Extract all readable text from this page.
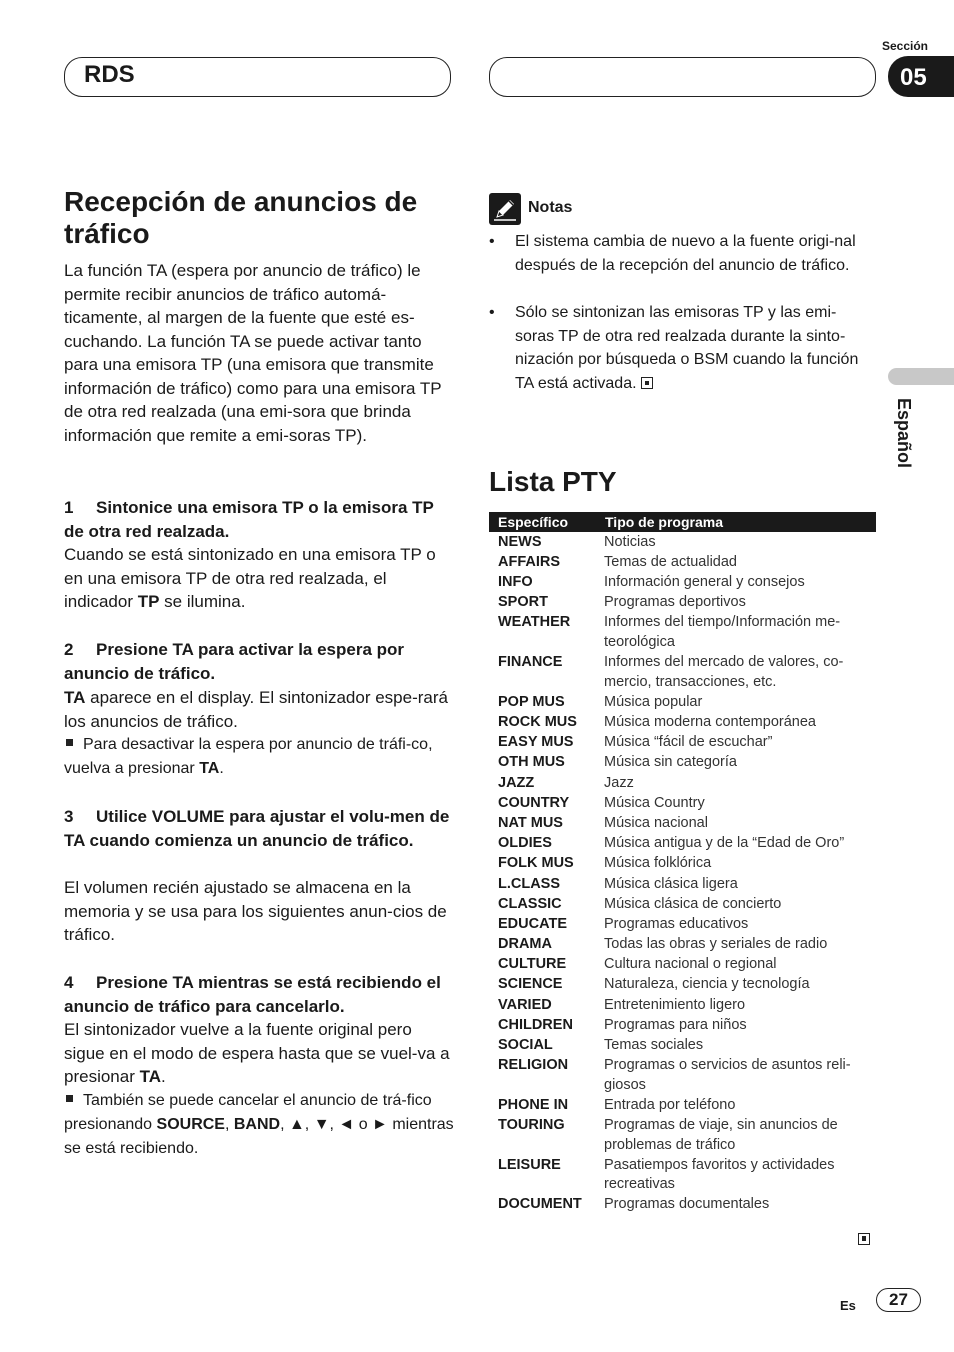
RDS
Sección
05
Español
Recepción de anuncios de tráfico
La función TA (espera por anuncio de tráfico) le permite recibir anuncios de tráfico automá-ticamente, al margen de la fuente que esté es-cuchando. La función TA se puede activar tanto para una emisora TP (una emisora que transmite información de tráfico) como para una emisora TP de otra red realzada (una emi-sora que brinda información que remite a emi-soras TP).
1 Sintonice una emisora TP o la emisora TP de otra red realzada.
Cuando se está sintonizado en una emisora TP o en una emisora TP de otra red realzada, el indicador TP se ilumina.
2 Presione TA para activar la espera por anuncio de tráfico.
TA aparece en el display. El sintonizador espe-rará los anuncios de tráfico.
Para desactivar la espera por anuncio de tráfi-co, vuelva a presionar TA.
3 Utilice VOLUME para ajustar el volu-men de TA cuando comienza un anuncio de tráfico.
El volumen recién ajustado se almacena en la memoria y se usa para los siguientes anun-cios de tráfico.
4 Presione TA mientras se está recibiendo el anuncio de tráfico para cancelarlo.
El sintonizador vuelve a la fuente original pero sigue en el modo de espera hasta que se vuel-va a presionar TA.
También se puede cancelar el anuncio de trá-fico presionando SOURCE, BAND, ▲, ▼, ◄ o ► mientras se está recibiendo.
Notas
• El sistema cambia de nuevo a la fuente origi-nal después de la recepción del anuncio de tráfico.
• Sólo se sintonizan las emisoras TP y las emi-soras TP de otra red realzada durante la sinto-nización por búsqueda o BSM cuando la función TA está activada.
Lista PTY
Específico	Tipo de programa
NEWS	Noticias
AFFAIRS	Temas de actualidad
INFO	Información general y consejos
SPORT	Programas deportivos
WEATHER Informes del tiempo/Información me-teorológica
FINANCE	Informes del mercado de valores, co-mercio, transacciones, etc.
POP MUS	Música popular
ROCK MUS Música moderna contemporánea
EASY MUS Música “fácil de escuchar”
OTH MUS	Música sin categoría
JAZZ	Jazz
COUNTRY Música Country
NAT MUS	Música nacional
OLDIES	Música antigua y de la “Edad de Oro”
FOLK MUS Música folklórica
L.CLASS	Música clásica ligera
CLASSIC	Música clásica de concierto
EDUCATE	Programas educativos
DRAMA	Todas las obras y seriales de radio
CULTURE	Cultura nacional o regional
SCIENCE	Naturaleza, ciencia y tecnología
VARIED	Entretenimiento ligero
CHILDREN Programas para niños
SOCIAL	Temas sociales
RELIGION Programas o servicios de asuntos reli-giosos
PHONE IN Entrada por teléfono
TOURING	Programas de viaje, sin anuncios de problemas de tráfico
LEISURE	Pasatiempos favoritos y actividades recreativas
DOCUMENT Programas documentales
Es	27
